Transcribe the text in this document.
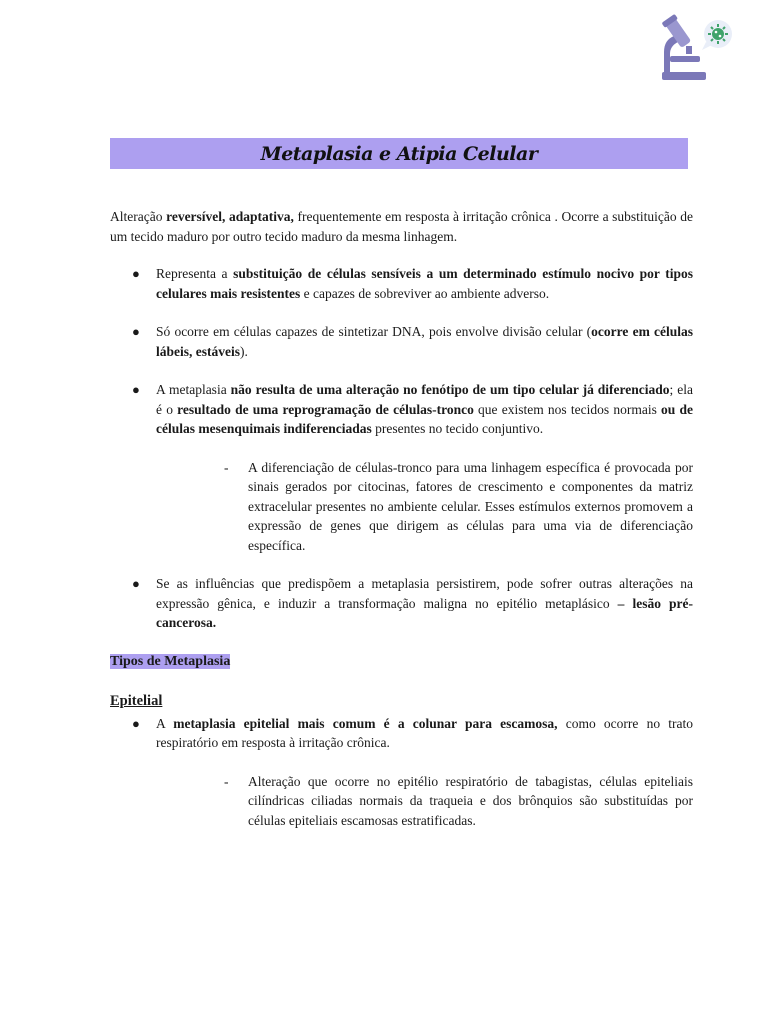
Metaplasia e Atipia Celular

Alteração reversível, adaptativa, frequentemente em resposta à irritação crônica . Ocorre a substituição de um tecido maduro por outro tecido maduro da mesma linhagem.

● Representa a substituição de células sensíveis a um determinado estímulo nocivo por tipos celulares mais resistentes e capazes de sobreviver ao ambiente adverso.

● Só ocorre em células capazes de sintetizar DNA, pois envolve divisão celular (ocorre em células lábeis, estáveis).

● A metaplasia não resulta de uma alteração no fenótipo de um tipo celular já diferenciado; ela é o resultado de uma reprogramação de células-tronco que existem nos tecidos normais ou de células mesenquimais indiferenciadas presentes no tecido conjuntivo.

- A diferenciação de células-tronco para uma linhagem específica é provocada por sinais gerados por citocinas, fatores de crescimento e componentes da matriz extracelular presentes no ambiente celular. Esses estímulos externos promovem a expressão de genes que dirigem as células para uma via de diferenciação específica.

● Se as influências que predispõem a metaplasia persistirem, pode sofrer outras alterações na expressão gênica, e induzir a transformação maligna no epitélio metaplásico – lesão pré-cancerosa.

Tipos de Metaplasia
Epitelial
● A metaplasia epitelial mais comum é a colunar para escamosa, como ocorre no trato respiratório em resposta à irritação crônica.

- Alteração que ocorre no epitélio respiratório de tabagistas, células epiteliais cilíndricas ciliadas normais da traqueia e dos brônquios são substituídas por células epiteliais escamosas estratificadas.
